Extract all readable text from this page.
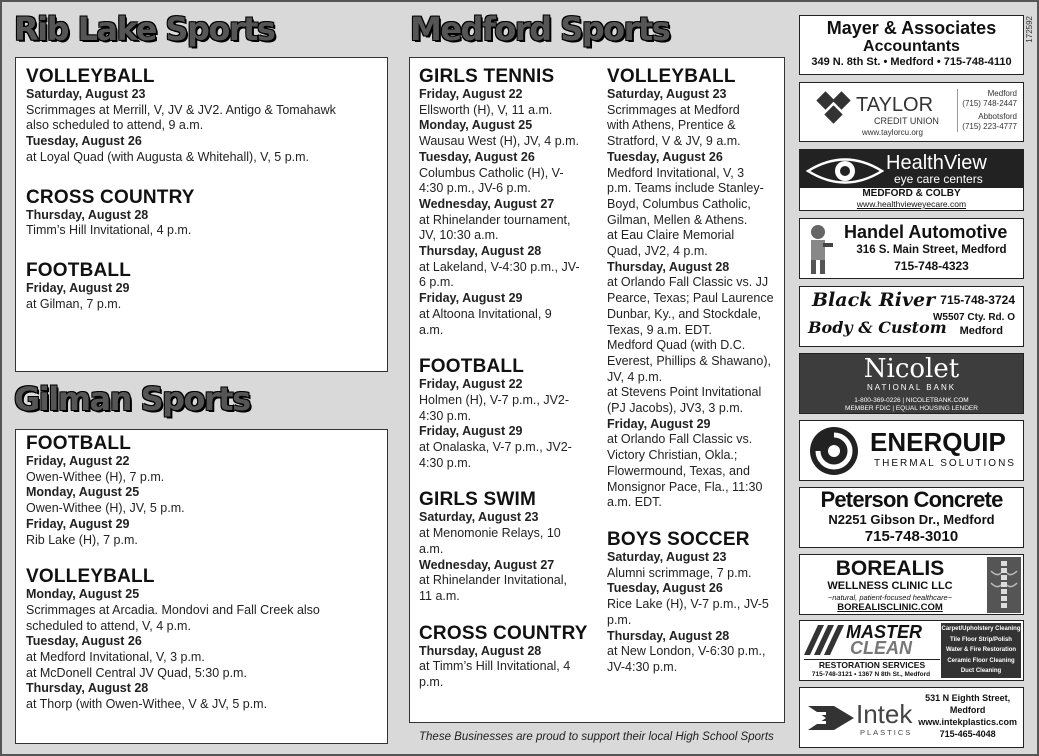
Rib Lake Sports	Medford Sports
Gilman Sports
VOLLEYBALL
Saturday, August 23
Scrimmages at Merrill, V, JV & JV2. Antigo & Tomahawk
also scheduled to attend, 9 a.m.
Tuesday, August 26
at Loyal Quad (with Augusta & Whitehall), V, 5 p.m.
CROSS COUNTRY
Thursday, August 28
Timm’s Hill Invitational, 4 p.m.
FOOTBALL
Friday, August 29
at Gilman, 7 p.m.
FOOTBALL
Friday, August 22
Owen-Withee (H), 7 p.m.
Monday, August 25
Owen-Withee (H), JV, 5 p.m.
Friday, August 29
Rib Lake (H), 7 p.m.
VOLLEYBALL
Monday, August 25
Scrimmages at Arcadia. Mondovi and Fall Creek also
scheduled to attend, V, 4 p.m.
Tuesday, August 26
at Medford Invitational, V, 3 p.m.
at McDonell Central JV Quad, 5:30 p.m.
Thursday, August 28
at Thorp (with Owen-Withee, V & JV, 5 p.m.
GIRLS TENNIS
Friday, August 22
Ellsworth (H), V, 11 a.m.
Monday, August 25
Wausau West (H), JV, 4 p.m.
Tuesday, August 26
Columbus Catholic (H), V-
4:30 p.m., JV-6 p.m.
Wednesday, August 27
at Rhinelander tournament,
JV, 10:30 a.m.
Thursday, August 28
at Lakeland, V-4:30 p.m., JV-
6 p.m.
Friday, August 29
at Altoona Invitational, 9
a.m.
FOOTBALL
Friday, August 22
Holmen (H), V-7 p.m., JV2-
4:30 p.m.
Friday, August 29
at Onalaska, V-7 p.m., JV2-
4:30 p.m.
GIRLS SWIM
Saturday, August 23
at Menomonie Relays, 10
a.m.
Wednesday, August 27
at Rhinelander Invitational,
11 a.m.
CROSS COUNTRY
Thursday, August 28
at Timm’s Hill Invitational, 4
p.m.
VOLLEYBALL
Saturday, August 23
Scrimmages at Medford
with Athens, Prentice &
Stratford, V & JV, 9 a.m.
Tuesday, August 26
Medford Invitational, V, 3
p.m. Teams include Stanley-
Boyd, Columbus Catholic,
Gilman, Mellen & Athens.
at Eau Claire Memorial
Quad, JV2, 4 p.m.
Thursday, August 28
at Orlando Fall Classic vs. JJ
Pearce, Texas; Paul Laurence
Dunbar, Ky., and Stockdale,
Texas, 9 a.m. EDT.
Medford Quad (with D.C.
Everest, Phillips & Shawano),
JV, 4 p.m.
at Stevens Point Invitational
(PJ Jacobs), JV3, 3 p.m.
Friday, August 29
at Orlando Fall Classic vs.
Victory Christian, Okla.;
Flowermound, Texas, and
Monsignor Pace, Fla., 11:30
a.m. EDT.
BOYS SOCCER
Saturday, August 23
Alumni scrimmage, 7 p.m.
Tuesday, August 26
Rice Lake (H), V-7 p.m., JV-5
p.m.
Thursday, August 28
at New London, V-6:30 p.m.,
JV-4:30 p.m.
These Businesses are proud to support their local High School Sports
172592
Mayer & Associates
Accountants
349 N. 8th St. • Medford • 715-748-4110
TAYLOR
CREDIT UNION
www.taylorcu.org
Medford
(715) 748-2447
Abbotsford
(715) 223-4777
HealthView
eye care centers
MEDFORD & COLBY
www.healthvieweyecare.com
Handel Automotive
316 S. Main Street, Medford
715-748-4323
Black River
Body & Custom
715-748-3724
W5507 Cty. Rd. O
Medford
Nicolet
NATIONAL BANK
1-800-369-0226 | NICOLETBANK.COM
MEMBER FDIC | EQUAL HOUSING LENDER
ENERQUIP
THERMAL SOLUTIONS
Peterson Concrete
N2251 Gibson Dr., Medford
715-748-3010
BOREALIS
WELLNESS CLINIC LLC
~natural, patient-focused healthcare~
BOREALISCLINIC.COM
MASTER
CLEAN
RESTORATION SERVICES
715-748-3121 • 1367 N 8th St., Medford
Carpet/Upholstery Cleaning
Tile Floor Strip/Polish
Water & Fire Restoration
Ceramic Floor Cleaning
Duct Cleaning
Intek
PLASTICS
531 N Eighth Street,
Medford
www.intekplastics.com
715-465-4048
